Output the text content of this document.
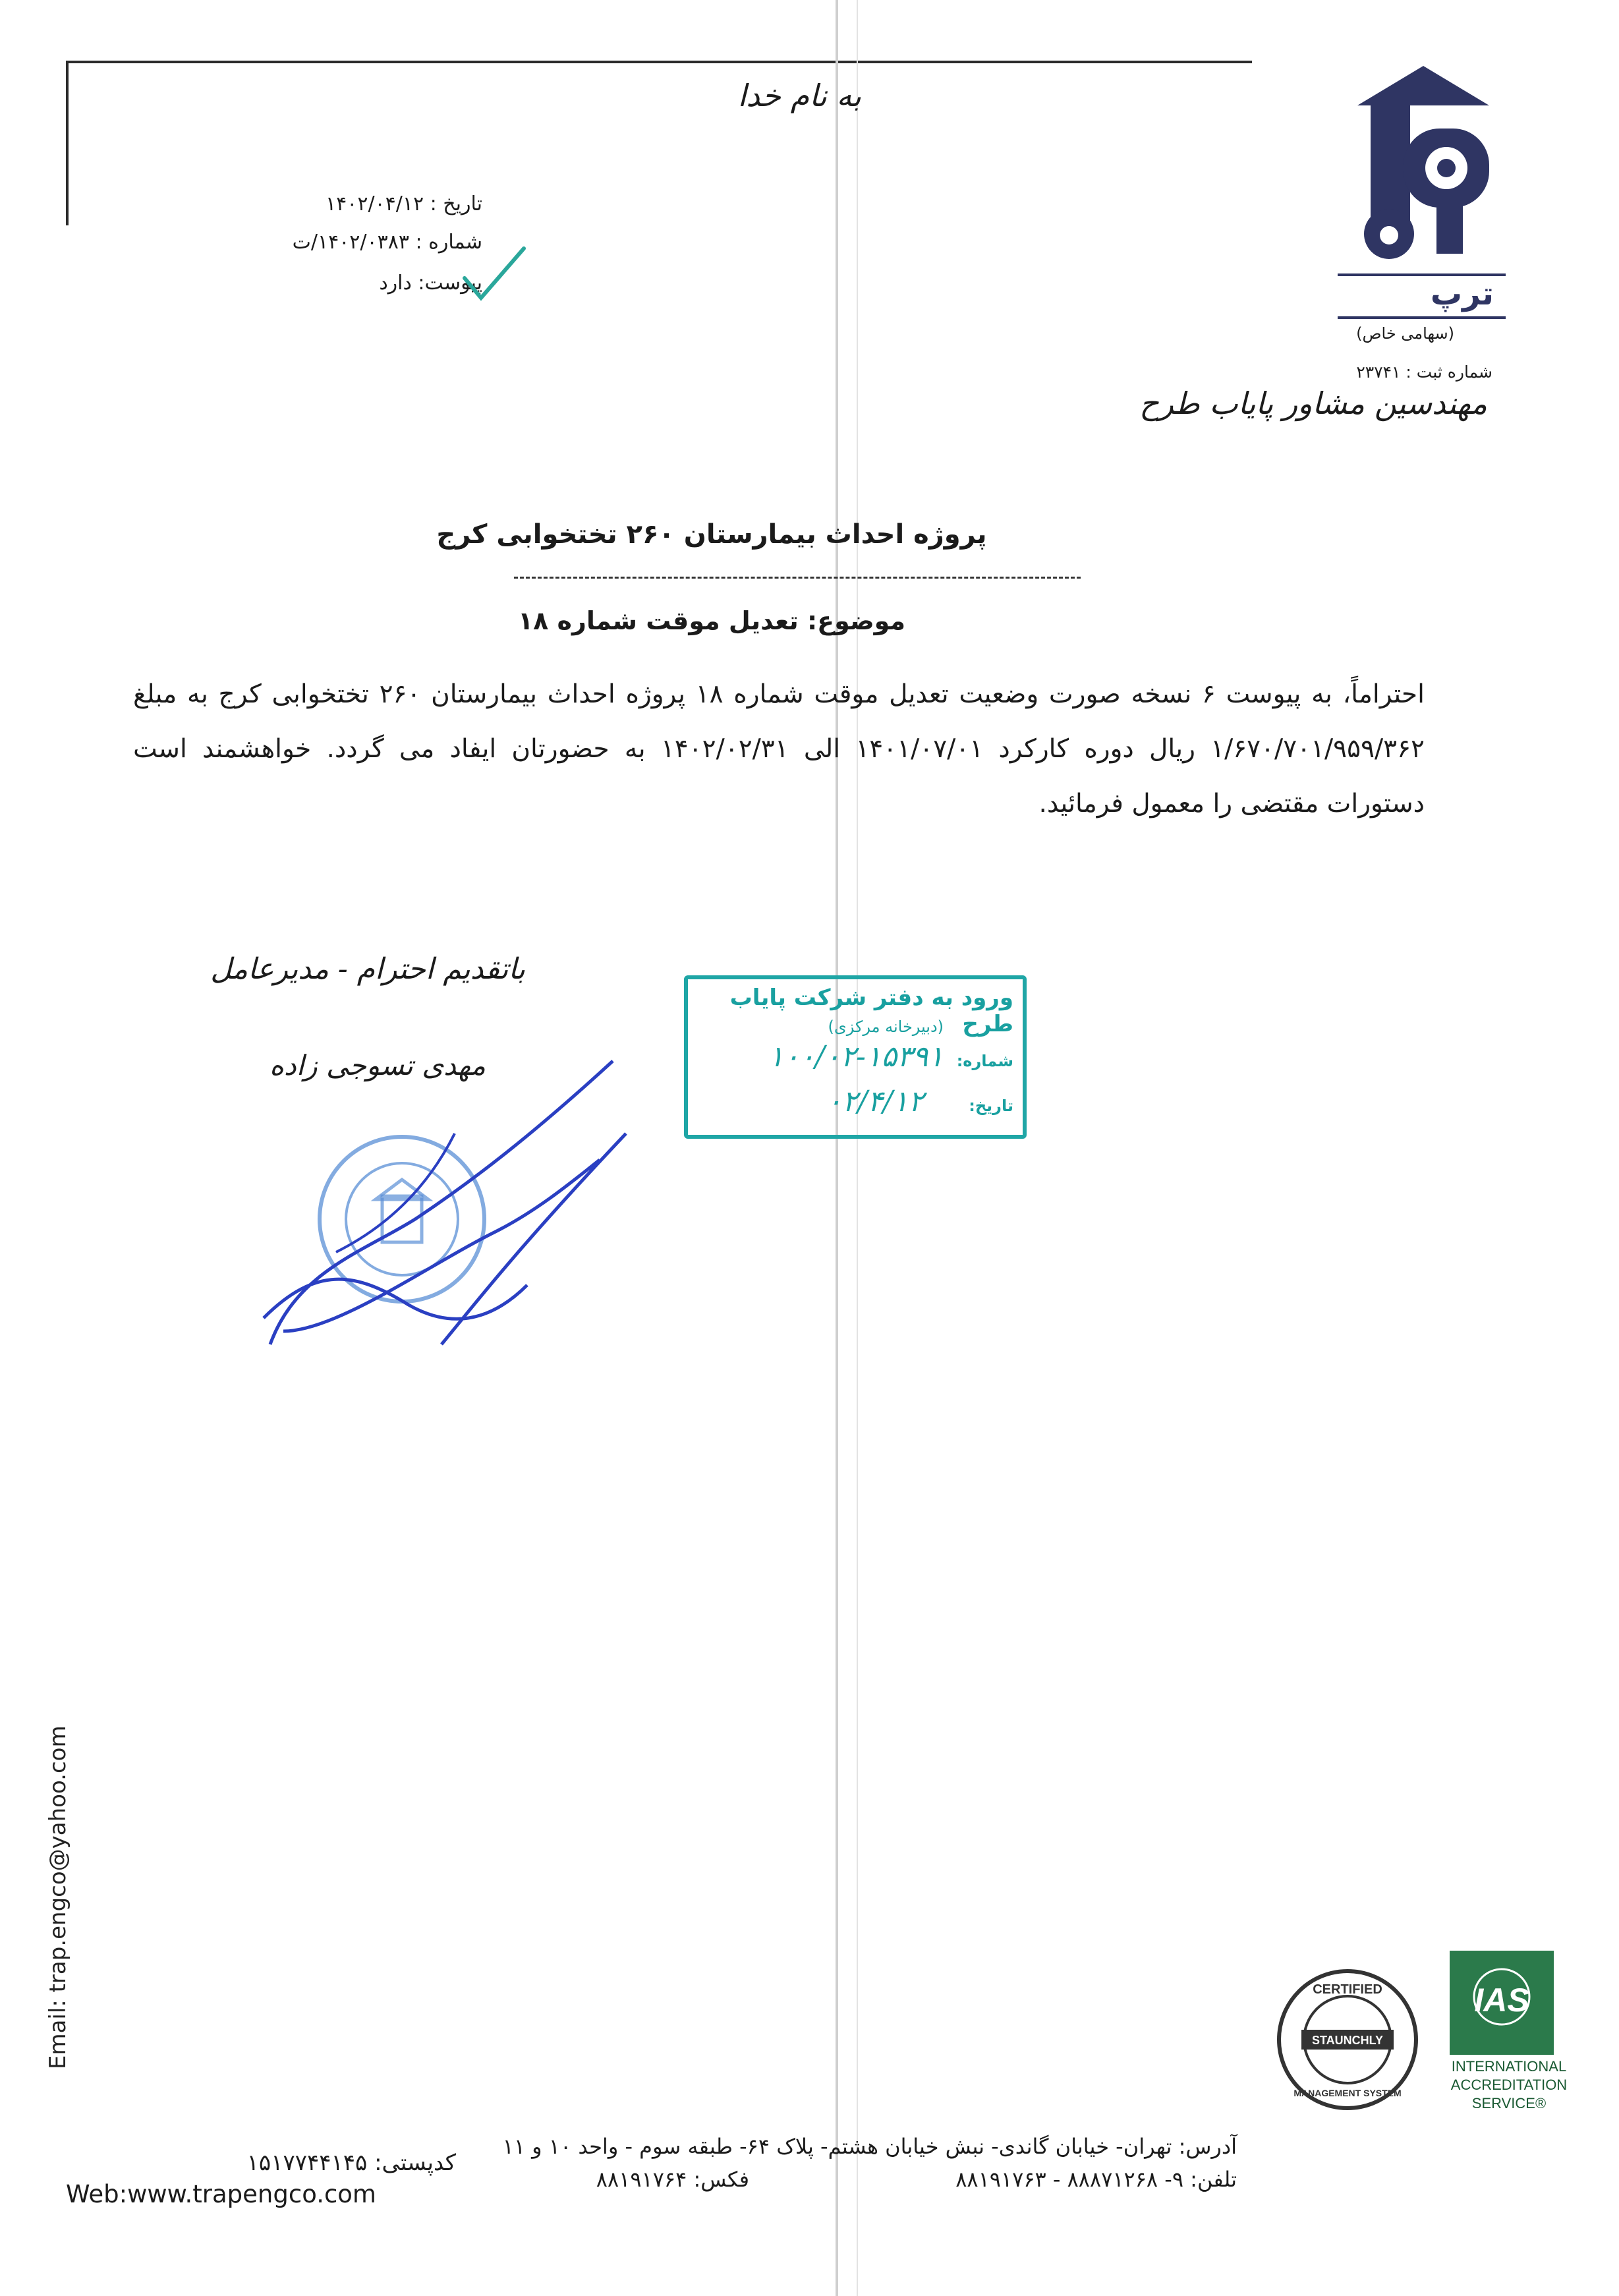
به نام خدا
تاریخ : ۱۴۰۲/۰۴/۱۲
شماره : ۱۴۰۲/۰۳۸۳/ت
پیوست: دارد	ترپ
(سهامی خاص)
شماره ثبت : ۲۳۷۴۱
مهندسین مشاور پایاب طرح
پروژه احداث بیمارستان ۲۶۰ تختخوابی کرج
موضوع: تعدیل موقت شماره ۱۸
احتراماً، به پیوست ۶ نسخه صورت وضعیت تعدیل موقت شماره ۱۸ پروژه احداث بیمارستان ۲۶۰ تختخوابی کرج به مبلغ ۱/۶۷۰/۷۰۱/۹۵۹/۳۶۲ ریال دوره کارکرد ۱۴۰۱/۰۷/۰۱ الی ۱۴۰۲/۰۲/۳۱ به حضورتان ایفاد می گردد. خواهشمند است دستورات مقتضی را معمول فرمائید.
باتقدیم احترام - مدیرعامل
مهدی تسوجی زاده
ورود به دفتر شرکت پایاب طرح
(دبیرخانه مرکزی)
شماره:
۱۰۰/۰۲-۱۵۳۹۱
تاریخ:
۰۲/۴/۱۲
Email: trap.engco@yahoo.com
کدپستی: ۱۵۱۷۷۴۴۱۴۵
Web:www.trapengco.com
آدرس: تهران- خیابان گاندی- نبش خیابان هشتم- پلاک ۶۴- طبقه سوم - واحد ۱۰ و ۱۱
تلفن: ۹- ۸۸۸۷۱۲۶۸ - ۸۸۱۹۱۷۶۳
فکس: ۸۸۱۹۱۷۶۴
CERTIFIED
STAUNCHLY
MANAGEMENT SYSTEM
IAS
INTERNATIONAL
ACCREDITATION
SERVICE®
